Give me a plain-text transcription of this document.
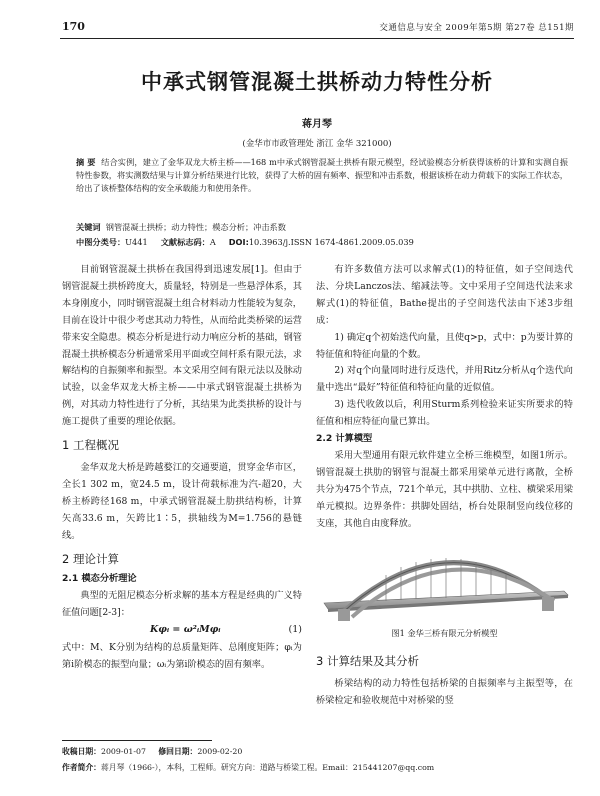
170	交通信息与安全 2009年第5期 第27卷 总151期
中承式钢管混凝土拱桥动力特性分析
蒋月琴
(金华市市政管理处 浙江 金华 321000)
摘 要 结合实例，建立了金华双龙大桥主桥——168 m中承式钢管混凝土拱桥有限元模型，经试验模态分析获得该桥的计算和实测自振特性参数，将实测数结果与计算分析结果进行比较，获得了大桥的固有频率、振型和冲击系数，根据该桥在动力荷载下的实际工作状态，给出了该桥整体结构的安全承载能力和使用条件。
关键词 钢管混凝土拱桥；动力特性；模态分析；冲击系数
中图分类号：U441 文献标志码：A DOI:10.3963/j.ISSN 1674-4861.2009.05.039

目前钢管混凝土拱桥在我国得到迅速发展[1]。但由于钢管混凝土拱桥跨度大，质量轻，特别是一些悬浮体系，其本身刚度小，同时钢管混凝土组合材料动力性能较为复杂，目前在设计中很少考虑其动力特性，从而给此类桥梁的运营带来安全隐患。模态分析是进行动力响应分析的基础，钢管混凝土拱桥模态分析通常采用平面或空间杆系有限元法，求解结构的自振频率和振型。本文采用空间有限元法以及脉动试验，以金华双龙大桥主桥——中承式钢管混凝土拱桥为例，对其动力特性进行了分析，其结果为此类拱桥的设计与施工提供了重要的理论依据。

1 工程概况

金华双龙大桥是跨越婺江的交通要道，贯穿金华市区，全长1 302 m，宽24.5 m，设计荷载标准为汽-超20，大桥主桥跨径168 m，中承式钢管混凝土肋拱结构桥，计算矢高33.6 m，矢跨比1∶5，拱轴线为M=1.756的悬链线。

2 理论计算
2.1 模态分析理论

典型的无阻尼模态分析求解的基本方程是经典的广义特征值问题[2-3]：

Kφᵢ = ω²ᵢMφᵢ	(1)

式中：M、K分别为结构的总质量矩阵、总刚度矩阵；φᵢ为第i阶模态的振型向量；ωᵢ为第i阶模态的固有频率。

有许多数值方法可以求解式(1)的特征值，如子空间迭代法、分块Lanczos法、缩减法等。文中采用子空间迭代法来求解式(1)的特征值，Bathe提出的子空间迭代法由下述3步组成：

1) 确定q个初始迭代向量，且使q>p，式中：p为要计算的特征值和特征向量的个数。

2) 对q个向量同时进行反迭代，并用Ritz分析从q个迭代向量中选出“最好”特征值和特征向量的近似值。

3) 迭代收敛以后，利用Sturm系列检验来证实所要求的特征值和相应特征向量已算出。

2.2 计算模型

采用大型通用有限元软件建立全桥三维模型，如图1所示。钢管混凝土拱肋的钢管与混凝土都采用梁单元进行离散，全桥共分为475个节点，721个单元，其中拱肋、立柱、横梁采用梁单元模拟。边界条件：拱脚处固结，桥台处限制竖向线位移的支座，其他自由度释放。

图1 金华三桥有限元分析模型
3 计算结果及其分析

桥梁结构的动力特性包括桥梁的自振频率与主振型等，在桥梁检定和验收规范中对桥梁的竖

收稿日期：2009-01-07 修回日期：2009-02-20
作者简介：蒋月琴（1966-），本科，工程师。研究方向：道路与桥梁工程。Email：215441207@qq.com
